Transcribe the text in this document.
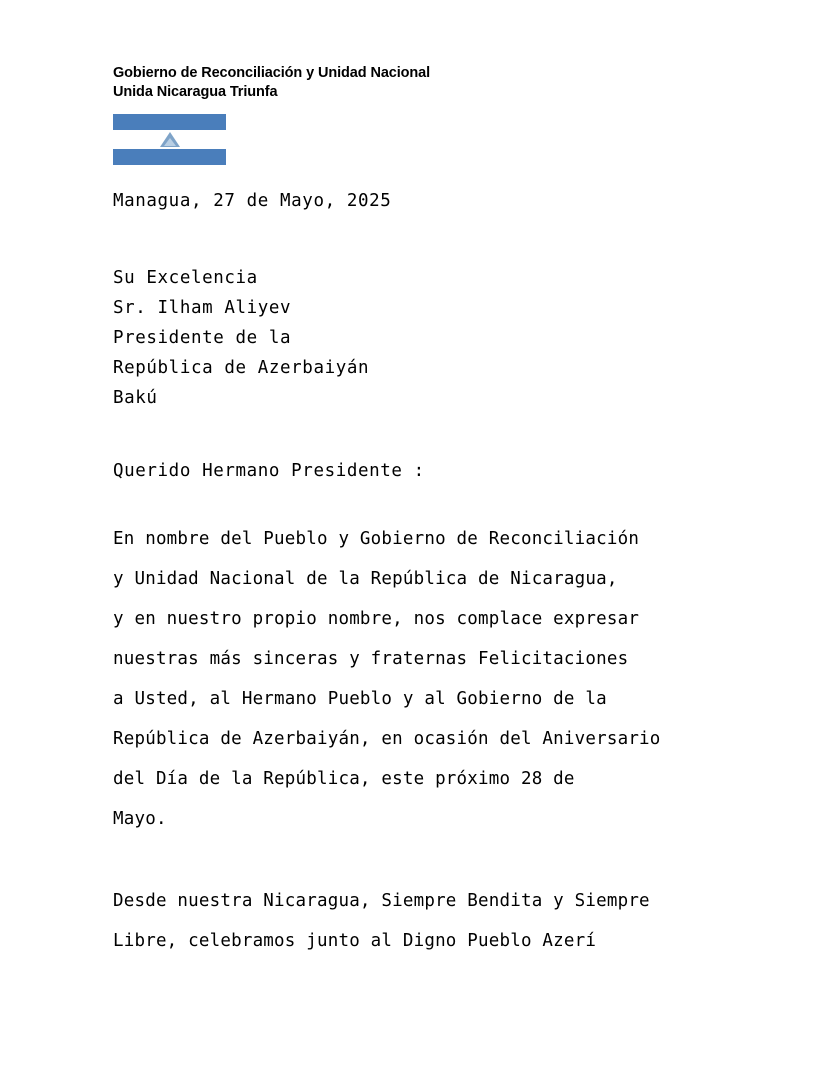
Gobierno de Reconciliación y Unidad Nacional
Unida Nicaragua Triunfa
Managua, 27 de Mayo, 2025
Su Excelencia
Sr. Ilham Aliyev
Presidente de la
República de Azerbaiyán
Bakú
Querido Hermano Presidente :
En nombre del Pueblo y Gobierno de Reconciliación
y Unidad Nacional de la República de Nicaragua,
y en nuestro propio nombre, nos complace expresar
nuestras más sinceras y fraternas Felicitaciones
a Usted, al Hermano Pueblo y al Gobierno de la
República de Azerbaiyán, en ocasión del Aniversario
del Día de la República, este próximo 28 de
Mayo.
Desde nuestra Nicaragua, Siempre Bendita y Siempre
Libre, celebramos junto al Digno Pueblo Azerí
